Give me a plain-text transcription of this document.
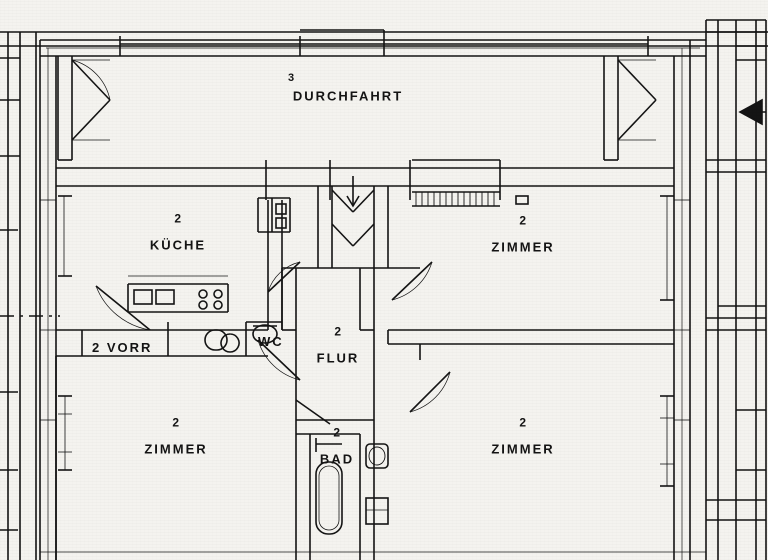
DURCHFAHRT
3
2
KÜCHE
2
ZIMMER
2
FLUR
2
ZIMMER
2
ZIMMER
2
BAD
2 VORR	WC
